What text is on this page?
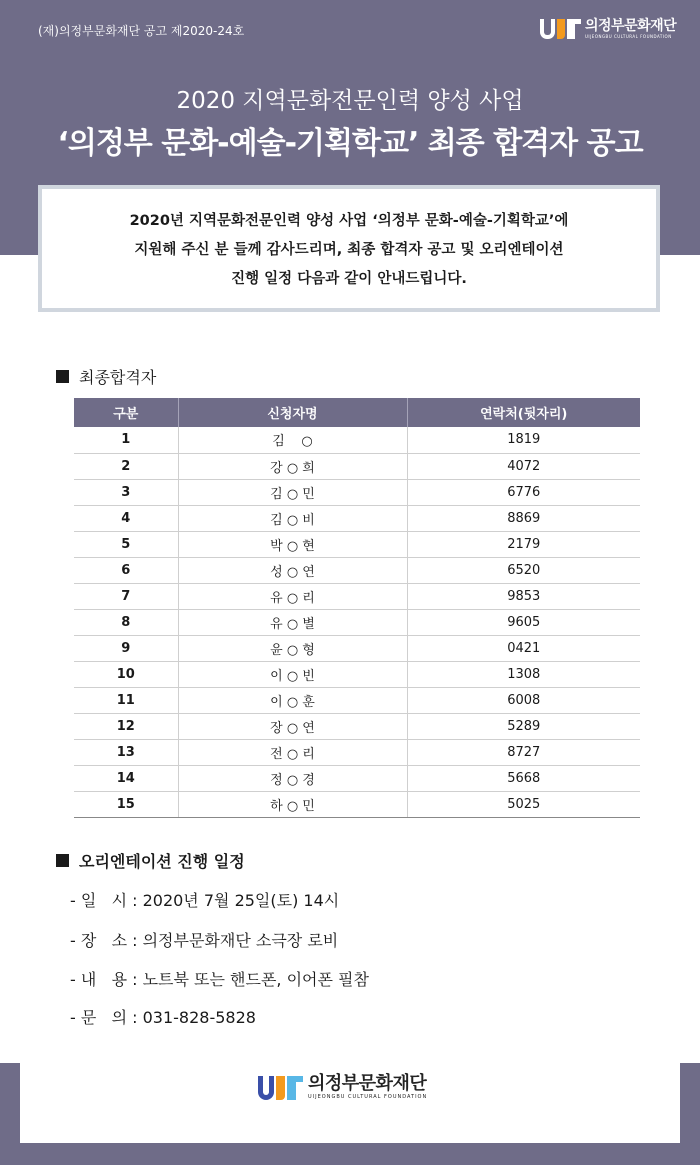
(재)의정부문화재단 공고 제2020-24호	의정부문화재단
UIJEONGBU CULTURAL FOUNDATION
2020 지역문화전문인력 양성 사업
‘의정부 문화-예술-기획학교’ 최종 합격자 공고
2020년 지역문화전문인력 양성 사업 ‘의정부 문화-예술-기획학교’에
지원해 주신 분 들께 감사드리며, 최종 합격자 공고 및 오리엔테이션
진행 일정 다음과 같이 안내드립니다.
최종합격자
구분	신청자명	연락처(뒷자리)
1	김    ○	1819
2	강 ○ 희	4072
3	김 ○ 민	6776
4	김 ○ 비	8869
5	박 ○ 현	2179
6	성 ○ 연	6520
7	유 ○ 리	9853
8	유 ○ 별	9605
9	윤 ○ 형	0421
10	이 ○ 빈	1308
11	이 ○ 훈	6008
12	장 ○ 연	5289
13	전 ○ 리	8727
14	정 ○ 경	5668
15	하 ○ 민	5025
오리엔테이션 진행 일정
- 일   시 : 2020년 7월 25일(토) 14시
- 장   소 : 의정부문화재단 소극장 로비
- 내   용 : 노트북 또는 핸드폰, 이어폰 필참
- 문   의 : 031-828-5828
의정부문화재단
UIJEONGBU CULTURAL FOUNDATION
